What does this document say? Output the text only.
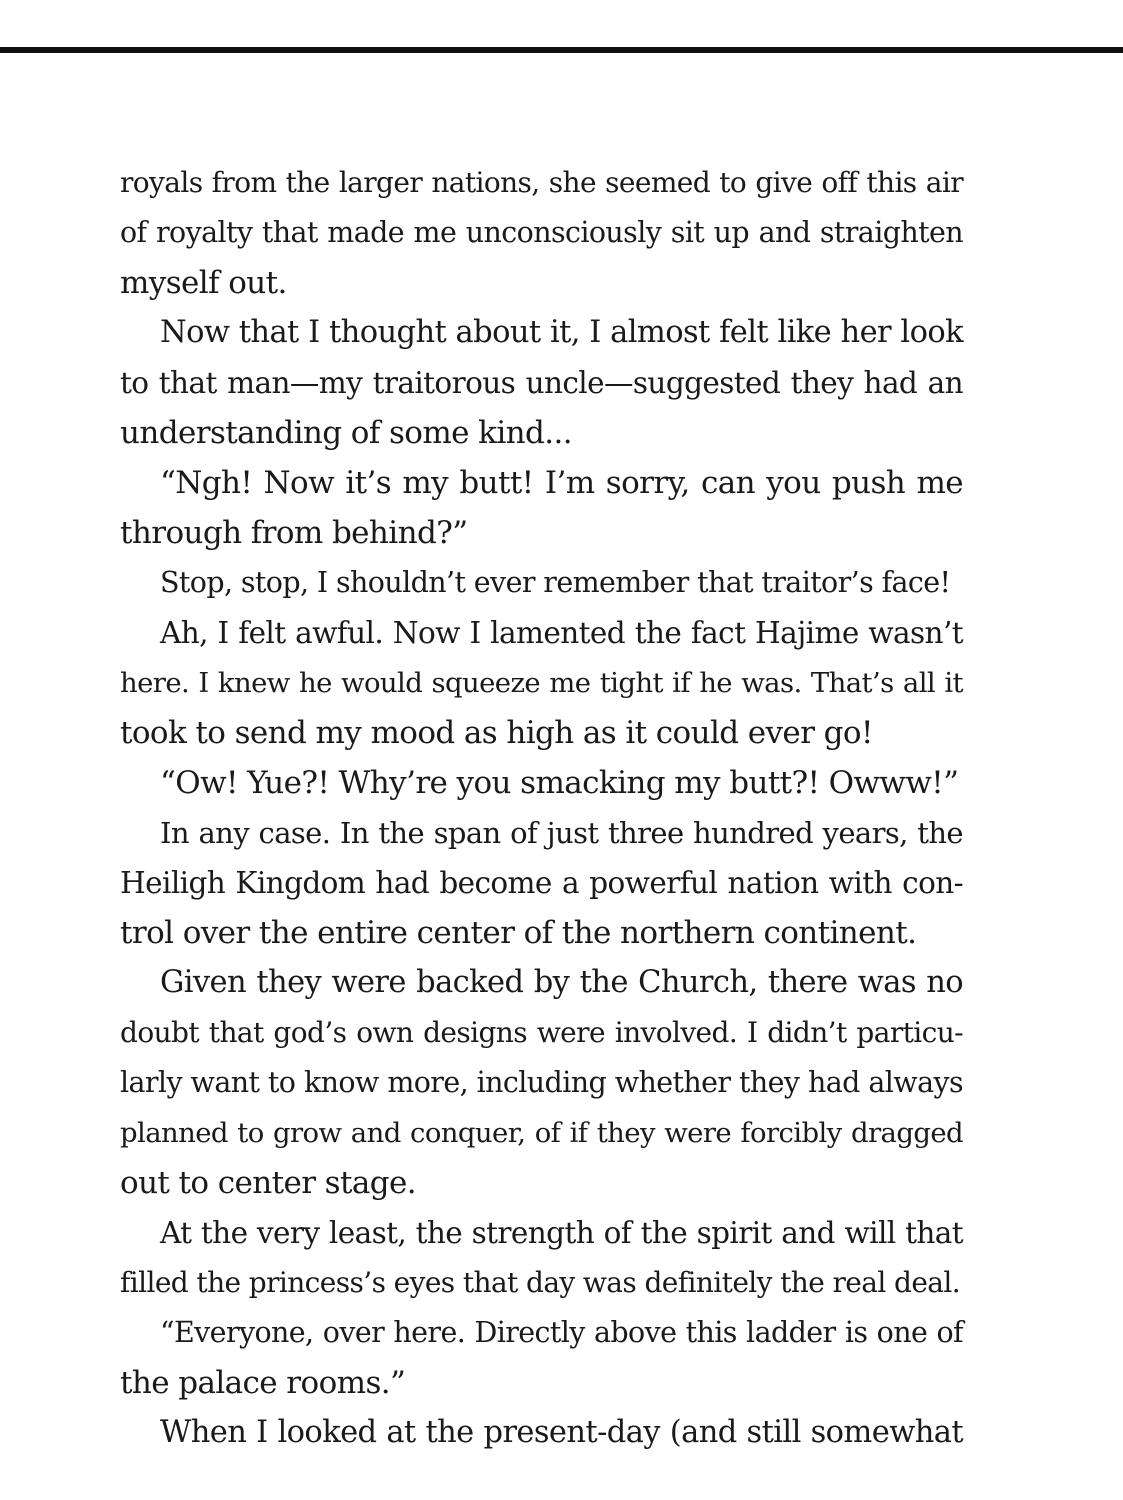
royals from the larger nations, she seemed to give off this air
of royalty that made me unconsciously sit up and straighten
myself out.
Now that I thought about it, I almost felt like her look
to that man—my traitorous uncle—suggested they had an
understanding of some kind...
“Ngh! Now it’s my butt! I’m sorry, can you push me
through from behind?”
Stop, stop, I shouldn’t ever remember that traitor’s face!
Ah, I felt awful. Now I lamented the fact Hajime wasn’t
here. I knew he would squeeze me tight if he was. That’s all it
took to send my mood as high as it could ever go!
“Ow! Yue?! Why’re you smacking my butt?! Owww!”
In any case. In the span of just three hundred years, the
Heiligh Kingdom had become a powerful nation with con-
trol over the entire center of the northern continent.
Given they were backed by the Church, there was no
doubt that god’s own designs were involved. I didn’t particu-
larly want to know more, including whether they had always
planned to grow and conquer, of if they were forcibly dragged
out to center stage.
At the very least, the strength of the spirit and will that
filled the princess’s eyes that day was definitely the real deal.
“Everyone, over here. Directly above this ladder is one of
the palace rooms.”
When I looked at the present-day (and still somewhat
